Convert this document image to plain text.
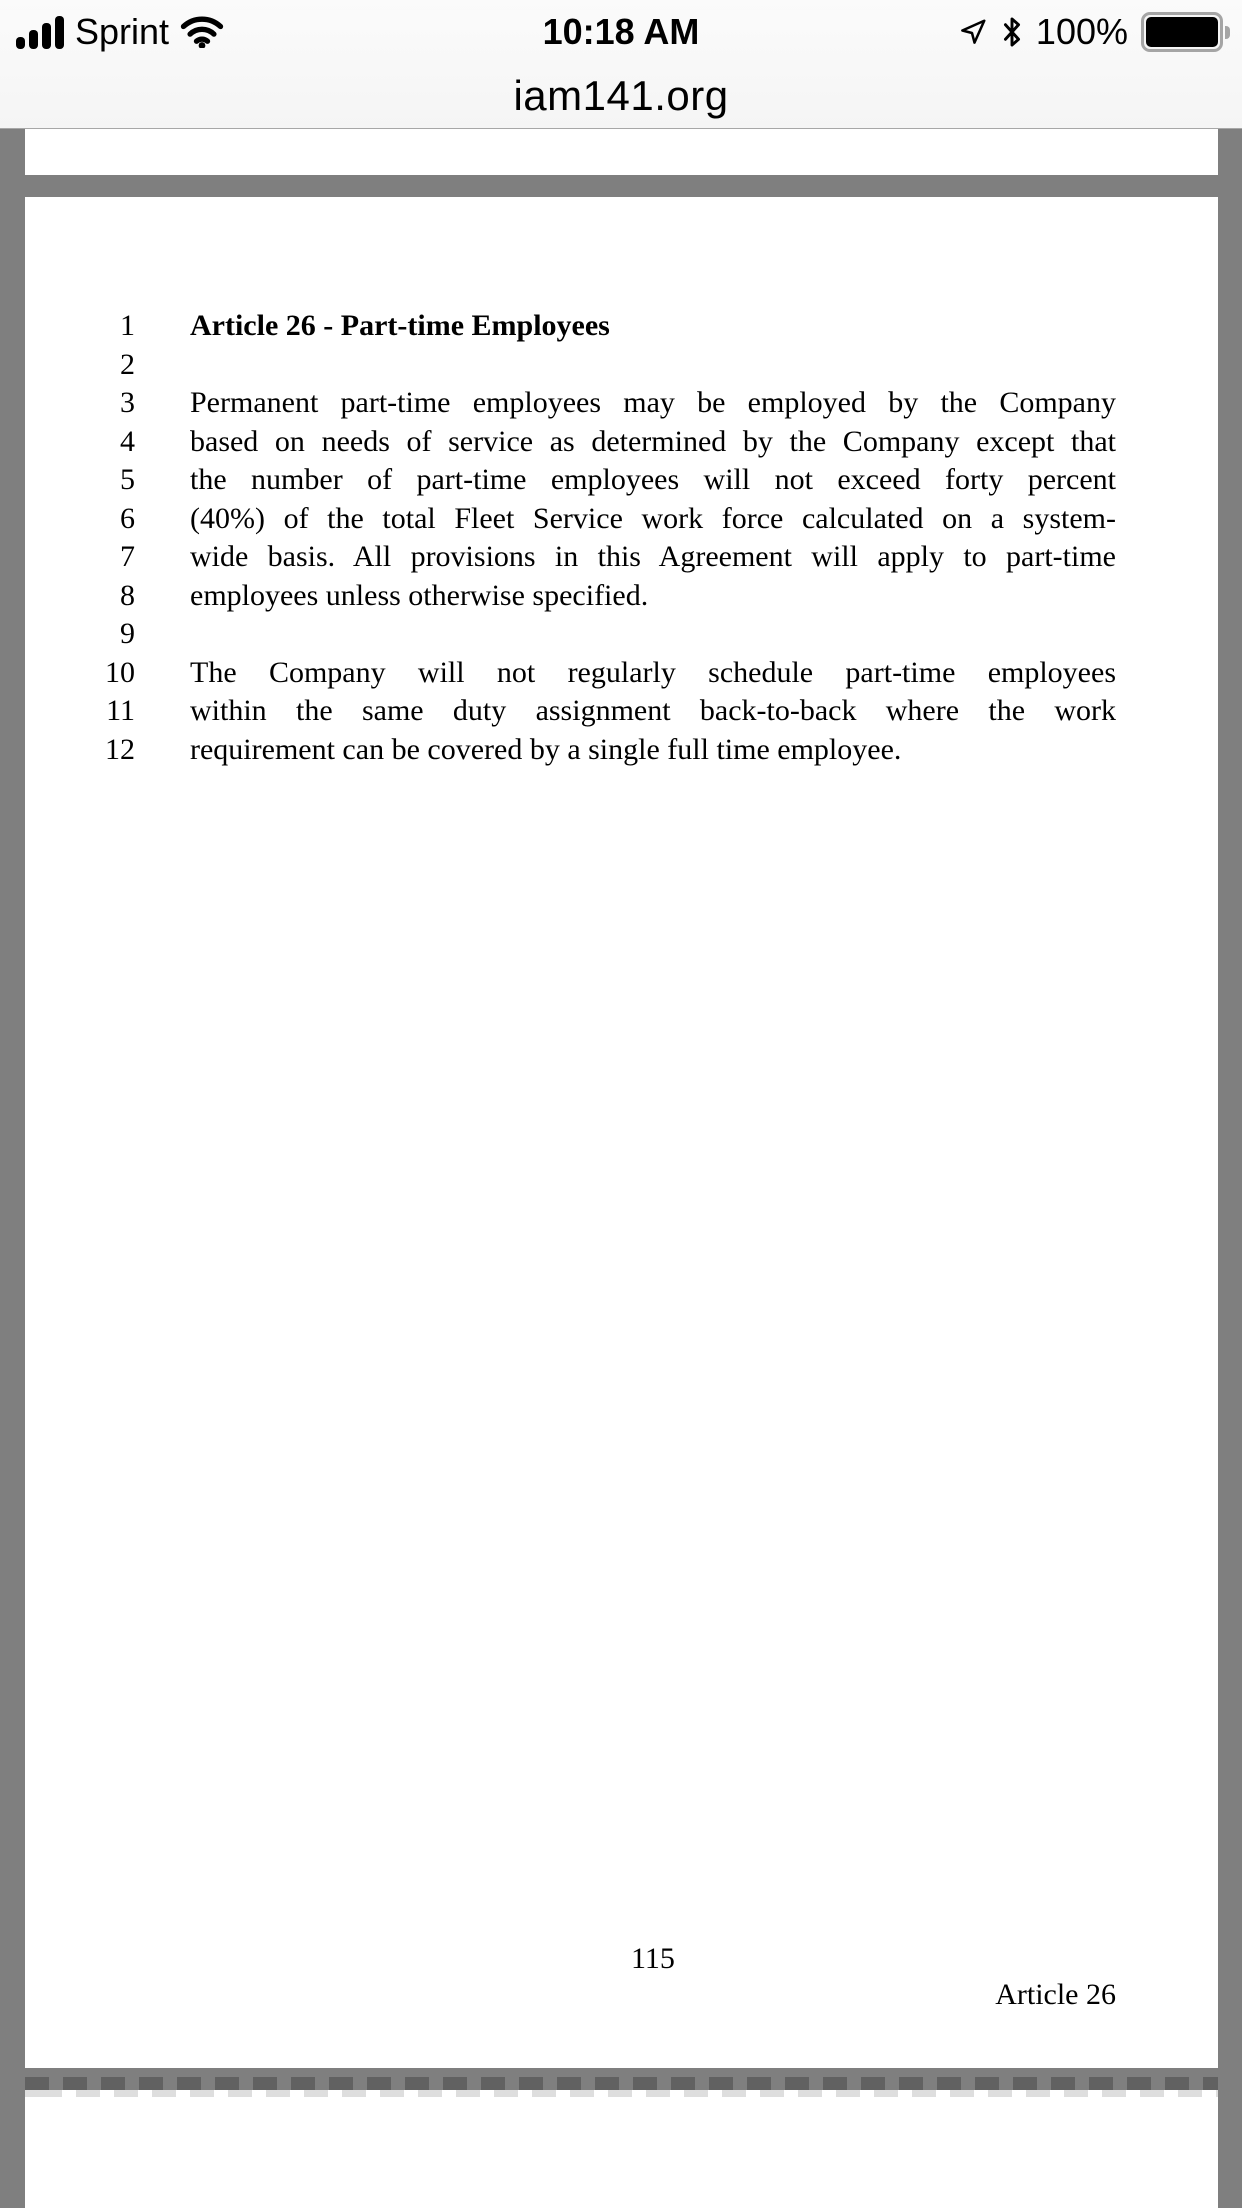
Sprint	10:18 AM	100%
iam141.org
1 Article 26 - Part-time Employees
2
3 Permanent part-time employees may be employed by the Company
4 based on needs of service as determined by the Company except that
5 the number of part-time employees will not exceed forty percent
6 (40%) of the total Fleet Service work force calculated on a system-
7 wide basis. All provisions in this Agreement will apply to part-time
8 employees unless otherwise specified.
9
10 The Company will not regularly schedule part-time employees
11 within the same duty assignment back-to-back where the work
12 requirement can be covered by a single full time employee.
115
Article 26
